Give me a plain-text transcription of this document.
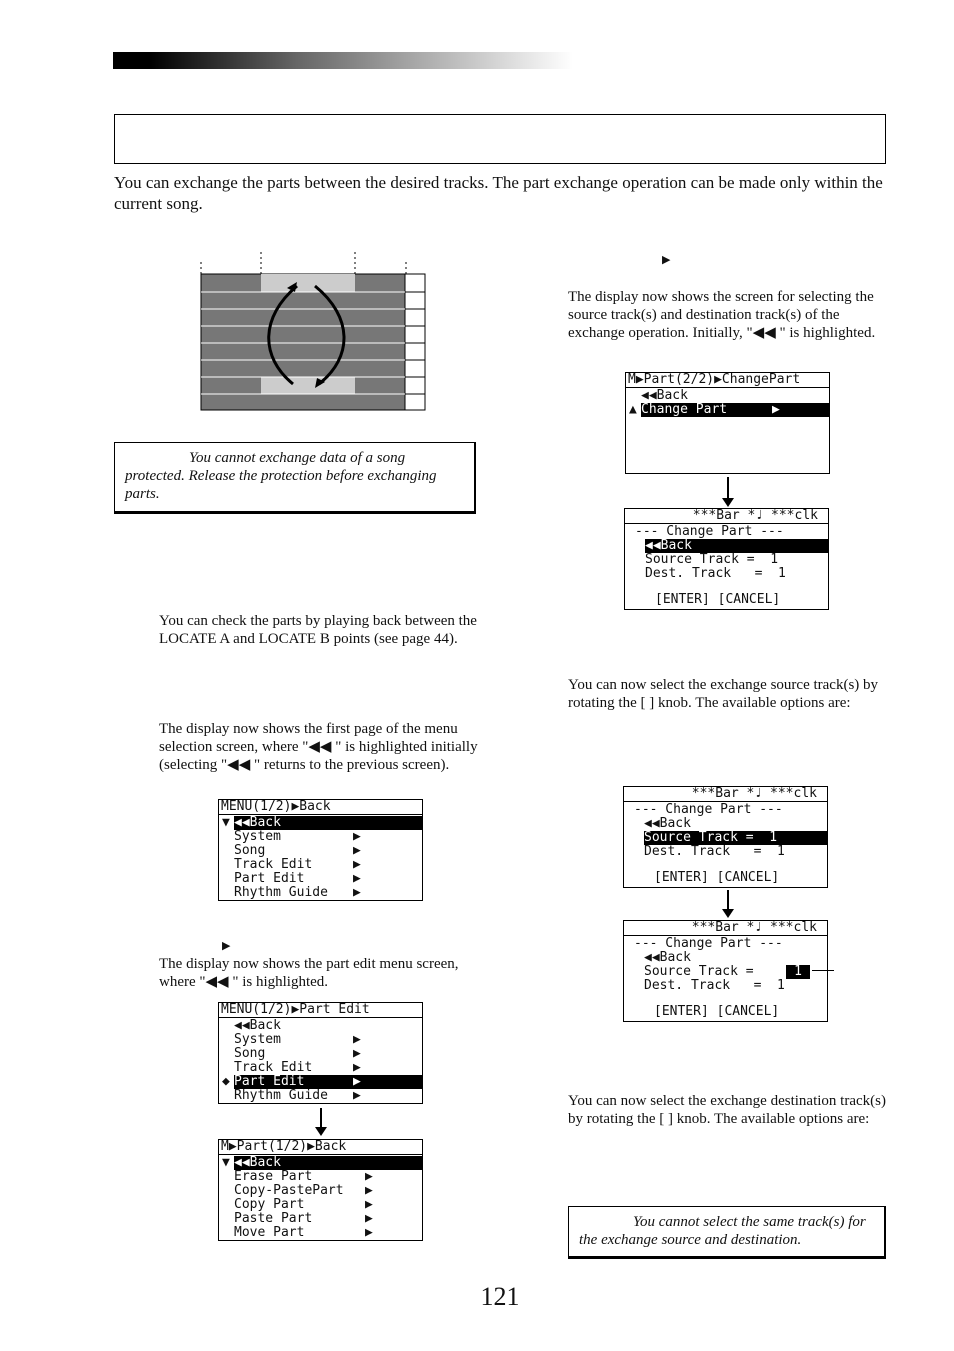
You can exchange the parts between the desired tracks. The part exchange operation can be made only within the current song.
You cannot exchange data of a song protected. Release the protection before exchanging parts.
You can check the parts by playing back between the LOCATE A and LOCATE B points (see page 44).
The display now shows the first page of the menu selection screen, where "◀◀ " is highlighted initially (selecting "◀◀ " returns to the previous screen).
MENU(1/2)▶Back
▼ ◀◀Back
System
Song
Track Edit
Part Edit
Rhythm Guide
▶
▶
▶
▶
▶
▶
The display now shows the part edit menu screen, where "◀◀ " is highlighted.
MENU(1/2)▶Part Edit
◀◀Back
System
Song
Track Edit
◆ Part Edit
Rhythm Guide
▶
▶
▶
▶
▶
M▶Part(1/2)▶Back
▼ ◀◀Back
Erase Part
Copy-PastePart
Copy Part
Paste Part
Move Part
▶
▶
▶
▶
▶
▶
The display now shows the screen for selecting the source track(s) and destination track(s) of the exchange operation. Initially, "◀◀ " is highlighted.
M▶Part(2/2)▶ChangePart
◀◀Back
▲ Change Part	▶
***Bar *♩ ***clk
--- Change Part ---
◀◀Back
Source Track =  1
Dest. Track   =  1
[ENTER] [CANCEL]
You can now select the exchange source track(s) by rotating the [ ] knob. The available options are:
***Bar *♩ ***clk
--- Change Part ---
◀◀Back
Source Track =  1
Dest. Track   =  1
[ENTER] [CANCEL]
***Bar *♩ ***clk
--- Change Part ---
◀◀Back
Source Track =	1
Dest. Track   =  1
[ENTER] [CANCEL]
You can now select the exchange destination track(s) by rotating the [ ] knob. The available options are:
You cannot select the same track(s) for the exchange source and destination.
121
